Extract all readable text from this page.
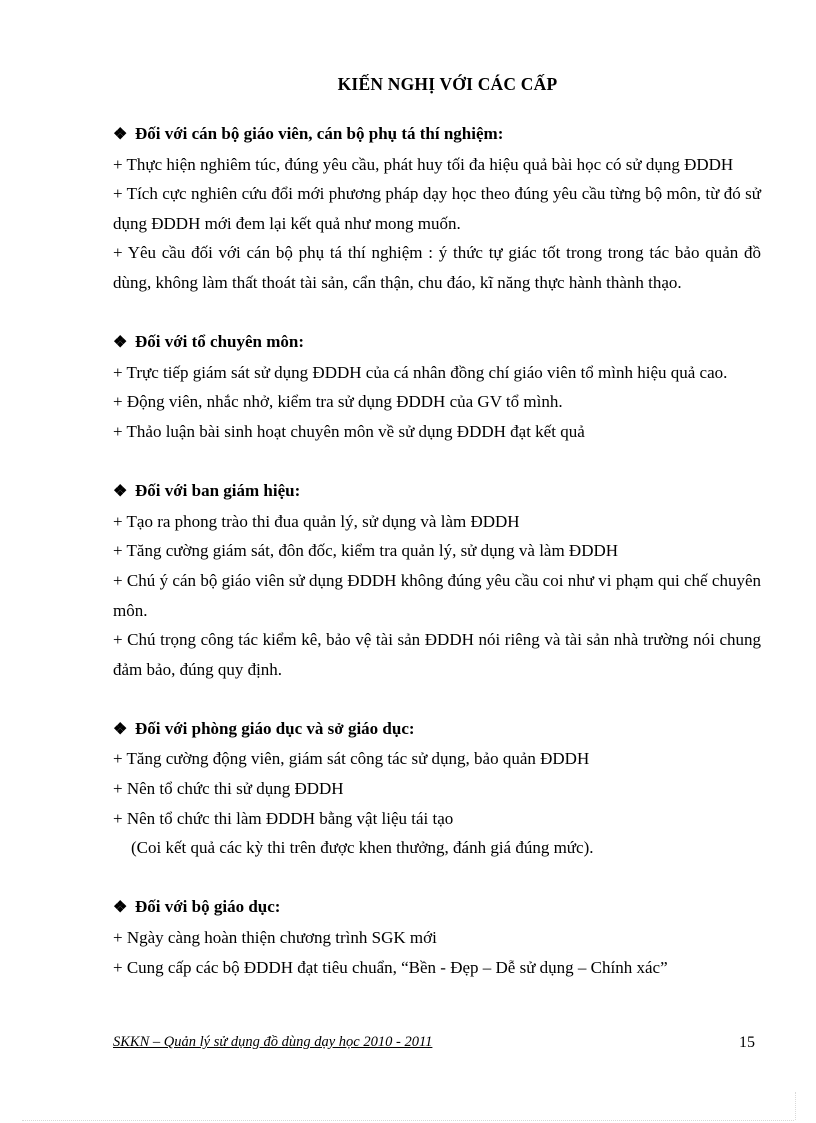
KIẾN NGHỊ VỚI CÁC CẤP
❖ Đối với cán bộ giáo viên, cán bộ phụ tá thí nghiệm:
+ Thực hiện nghiêm túc, đúng yêu cầu, phát huy tối đa hiệu quả bài học có sử dụng ĐDDH
+ Tích cực nghiên cứu đổi mới phương pháp dạy học theo đúng yêu cầu từng bộ môn, từ đó sử dụng ĐDDH mới đem lại kết quả như mong muốn.
+ Yêu cầu đối với cán bộ phụ tá thí nghiệm : ý thức tự giác tốt trong trong tác bảo quản đồ dùng, không làm thất thoát tài sản, cẩn thận, chu đáo, kĩ năng thực hành thành thạo.
❖ Đối với tổ chuyên môn:
+ Trực tiếp giám sát sử dụng ĐDDH của cá nhân đồng chí giáo viên tổ mình hiệu quả cao.
+ Động viên, nhắc nhở, kiểm tra sử dụng ĐDDH của GV tổ mình.
+ Thảo luận bài sinh hoạt chuyên môn về sử dụng ĐDDH đạt kết quả
❖ Đối với ban giám hiệu:
+ Tạo ra phong trào thi đua quản lý, sử dụng và làm ĐDDH
+ Tăng cường giám sát, đôn đốc, kiểm tra quản lý, sử dụng và làm ĐDDH
+ Chú ý cán bộ giáo viên sử dụng ĐDDH không đúng yêu cầu coi như vi phạm qui chế chuyên môn.
+ Chú trọng công tác kiểm kê, bảo vệ tài sản ĐDDH nói riêng và tài sản nhà trường nói chung đảm bảo, đúng quy định.
❖ Đối với phòng giáo dục và sở giáo dục:
+ Tăng cường động viên, giám sát công tác sử dụng, bảo quản ĐDDH
+ Nên tổ chức thi sử dụng ĐDDH
+ Nên tổ chức thi làm ĐDDH bằng vật liệu tái tạo
(Coi kết quả các kỳ thi trên được khen thưởng, đánh giá đúng mức).
❖ Đối với bộ giáo dục:
+ Ngày càng hoàn thiện chương trình SGK mới
+ Cung cấp các bộ ĐDDH đạt tiêu chuẩn, “Bền - Đẹp – Dễ sử dụng – Chính xác”
SKKN – Quản lý sử dụng đồ dùng dạy học 2010 - 2011	15
